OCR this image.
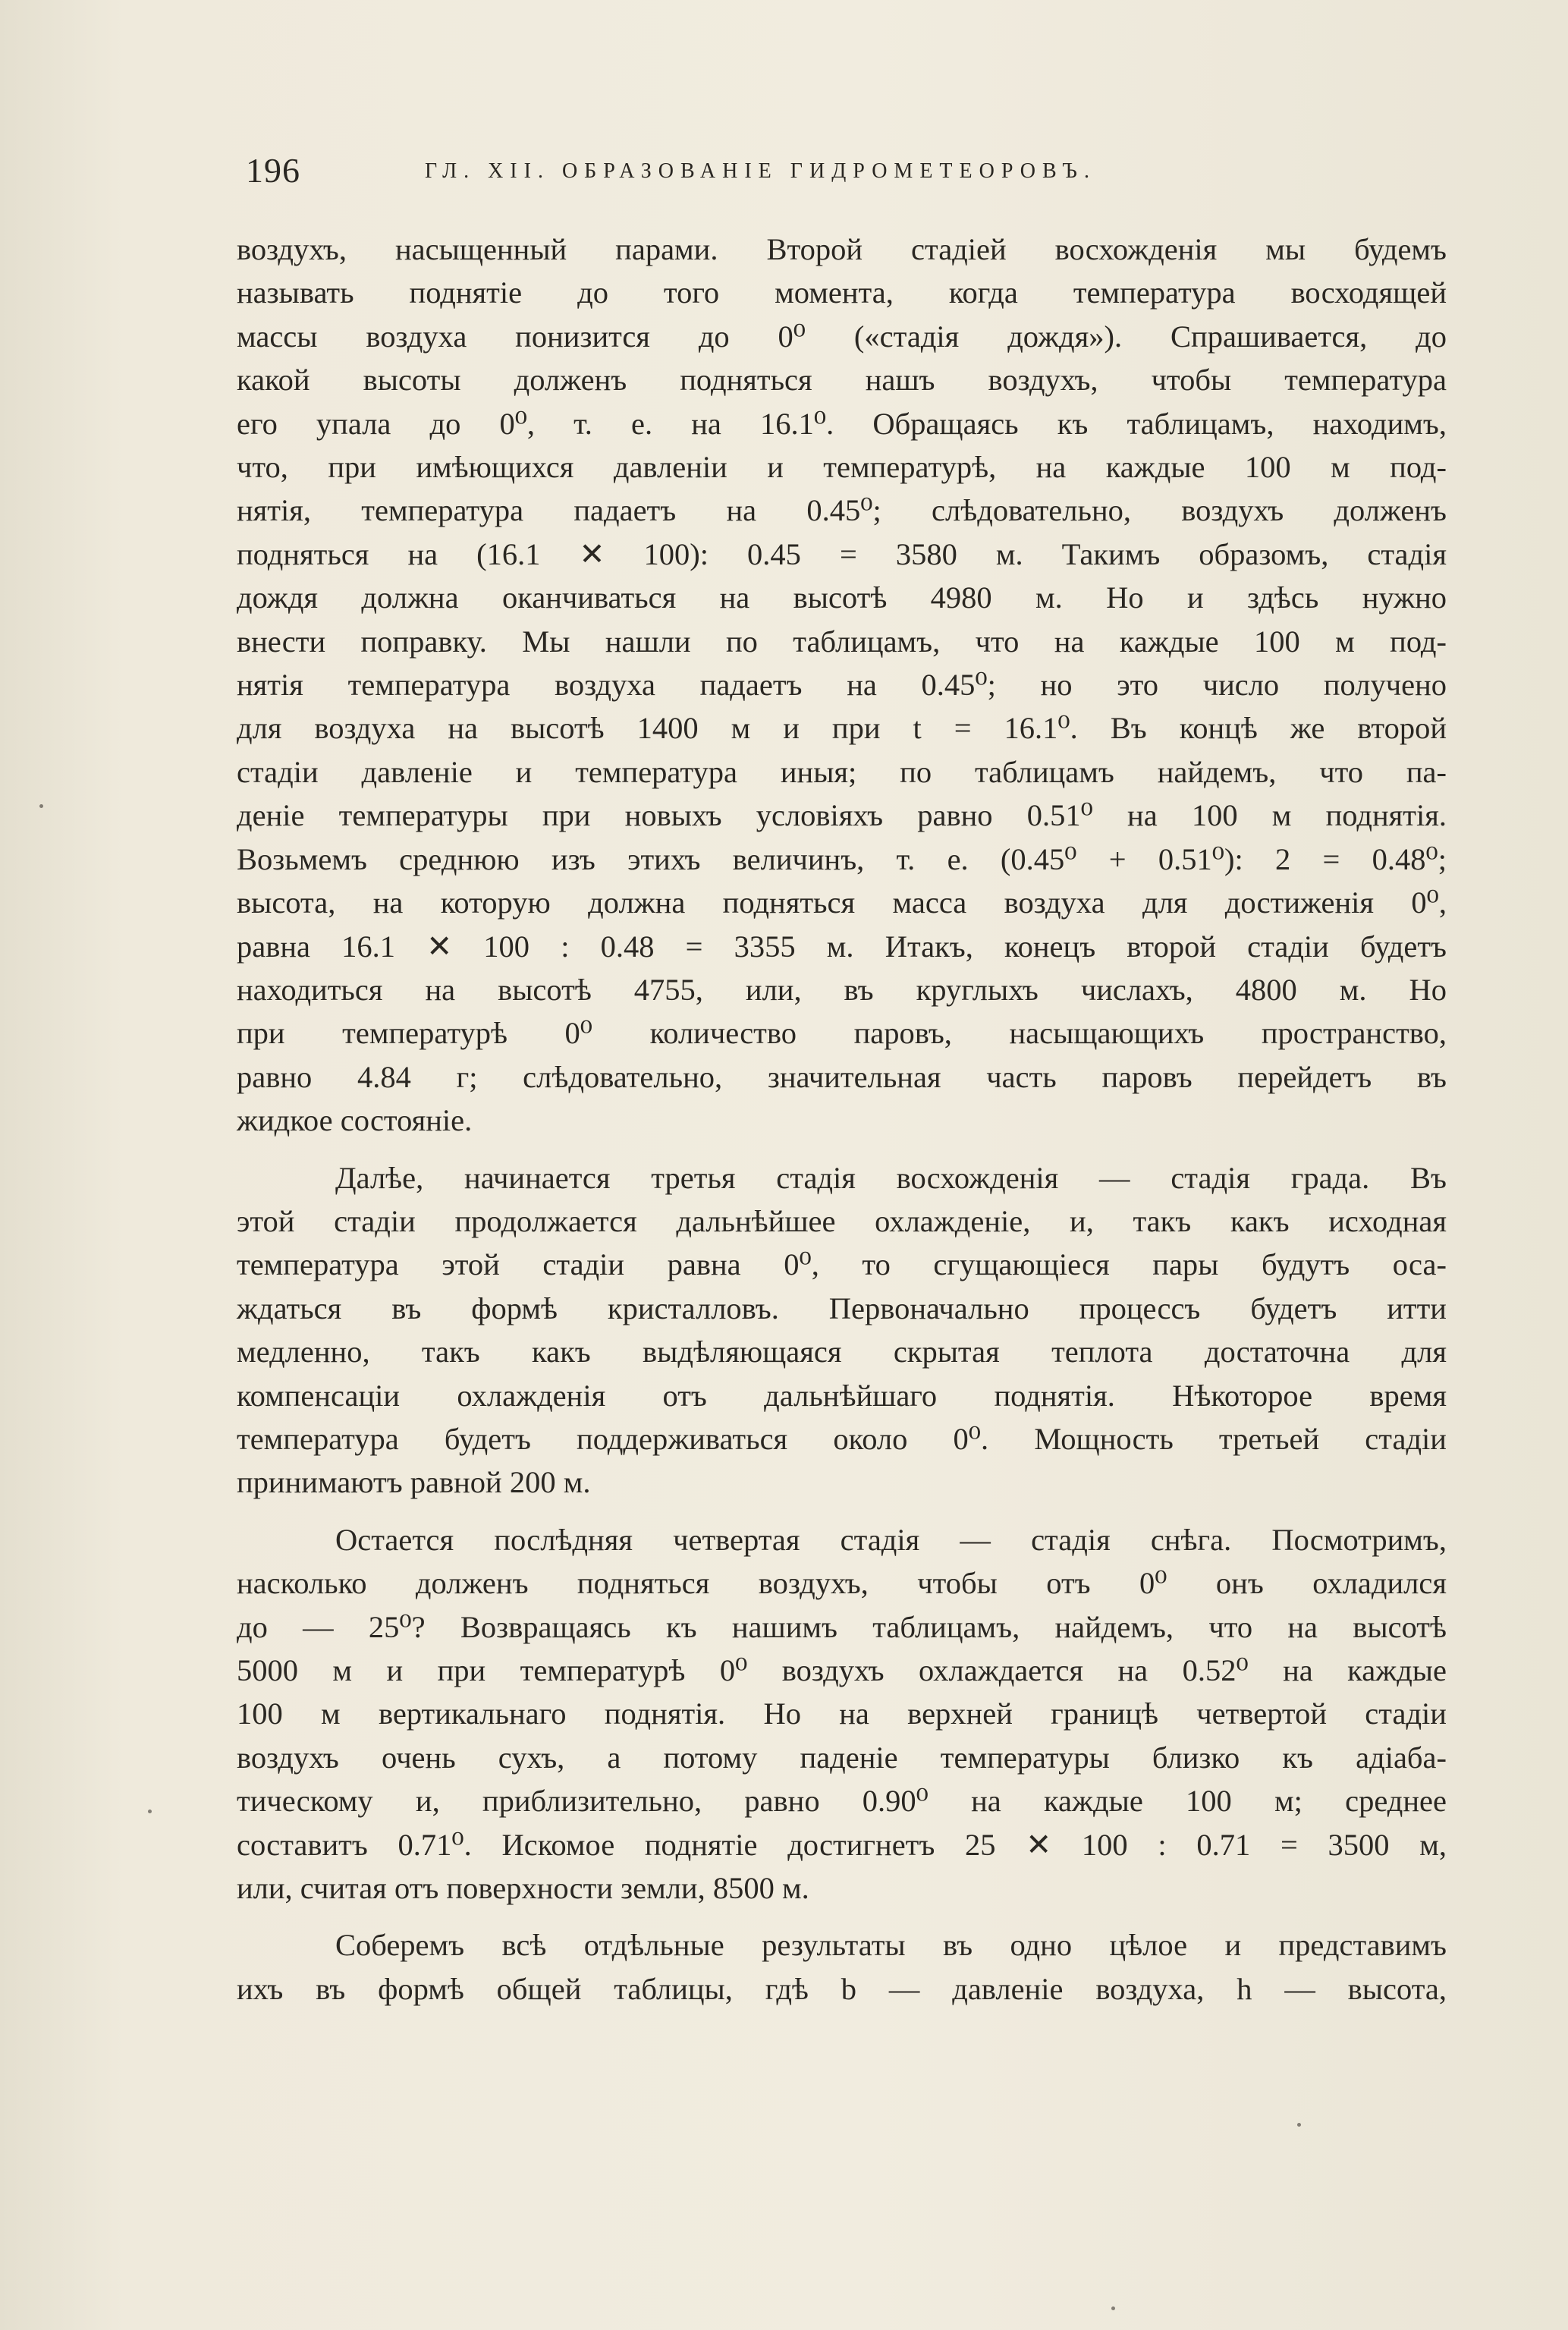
196	ГЛ. XII. ОБРАЗОВАНІЕ ГИДРОМЕТЕОРОВЪ.
воздухъ, насыщенный парами. Второй стадіей восхожденія мы будемъ
называть поднятіе до того момента, когда температура восходящей
массы воздуха понизится до 0⁰ («стадія дождя»). Спрашивается, до
какой высоты долженъ подняться нашъ воздухъ, чтобы температура
его упала до 0⁰, т. е. на 16.1⁰. Обращаясь къ таблицамъ, находимъ,
что, при имѣющихся давленіи и температурѣ, на каждые 100 м под-
нятія, температура падаетъ на 0.45⁰; слѣдовательно, воздухъ долженъ
подняться на (16.1 ✕ 100): 0.45 = 3580 м. Такимъ образомъ, стадія
дождя должна оканчиваться на высотѣ 4980 м. Но и здѣсь нужно
внести поправку. Мы нашли по таблицамъ, что на каждые 100 м под-
нятія температура воздуха падаетъ на 0.45⁰; но это число получено
для воздуха на высотѣ 1400 м и при t = 16.1⁰. Въ концѣ же второй
стадіи давленіе и температура иныя; по таблицамъ найдемъ, что па-
деніе температуры при новыхъ условіяхъ равно 0.51⁰ на 100 м поднятія.
Возьмемъ среднюю изъ этихъ величинъ, т. е. (0.45⁰ + 0.51⁰): 2 = 0.48⁰;
высота, на которую должна подняться масса воздуха для достиженія 0⁰,
равна 16.1 ✕ 100 : 0.48 = 3355 м. Итакъ, конецъ второй стадіи будетъ
находиться на высотѣ 4755, или, въ круглыхъ числахъ, 4800 м. Но
при температурѣ 0⁰ количество паровъ, насыщающихъ пространство,
равно 4.84 г; слѣдовательно, значительная часть паровъ перейдетъ въ
жидкое состояніе.
Далѣе, начинается третья стадія восхожденія — стадія града. Въ
этой стадіи продолжается дальнѣйшее охлажденіе, и, такъ какъ исходная
температура этой стадіи равна 0⁰, то сгущающіеся пары будутъ оса-
ждаться въ формѣ кристалловъ. Первоначально процессъ будетъ итти
медленно, такъ какъ выдѣляющаяся скрытая теплота достаточна для
компенсаціи охлажденія отъ дальнѣйшаго поднятія. Нѣкоторое время
температура будетъ поддерживаться около 0⁰. Мощность третьей стадіи
принимаютъ равной 200 м.
Остается послѣдняя четвертая стадія — стадія снѣга. Посмотримъ,
насколько долженъ подняться воздухъ, чтобы отъ 0⁰ онъ охладился
до — 25⁰? Возвращаясь къ нашимъ таблицамъ, найдемъ, что на высотѣ
5000 м и при температурѣ 0⁰ воздухъ охлаждается на 0.52⁰ на каждые
100 м вертикальнаго поднятія. Но на верхней границѣ четвертой стадіи
воздухъ очень сухъ, а потому паденіе температуры близко къ адіаба-
тическому и, приблизительно, равно 0.90⁰ на каждые 100 м; среднее
составитъ 0.71⁰. Искомое поднятіе достигнетъ 25 ✕ 100 : 0.71 = 3500 м,
или, считая отъ поверхности земли, 8500 м.
Соберемъ всѣ отдѣльные результаты въ одно цѣлое и представимъ
ихъ въ формѣ общей таблицы, гдѣ b — давленіе воздуха, h — высота,
